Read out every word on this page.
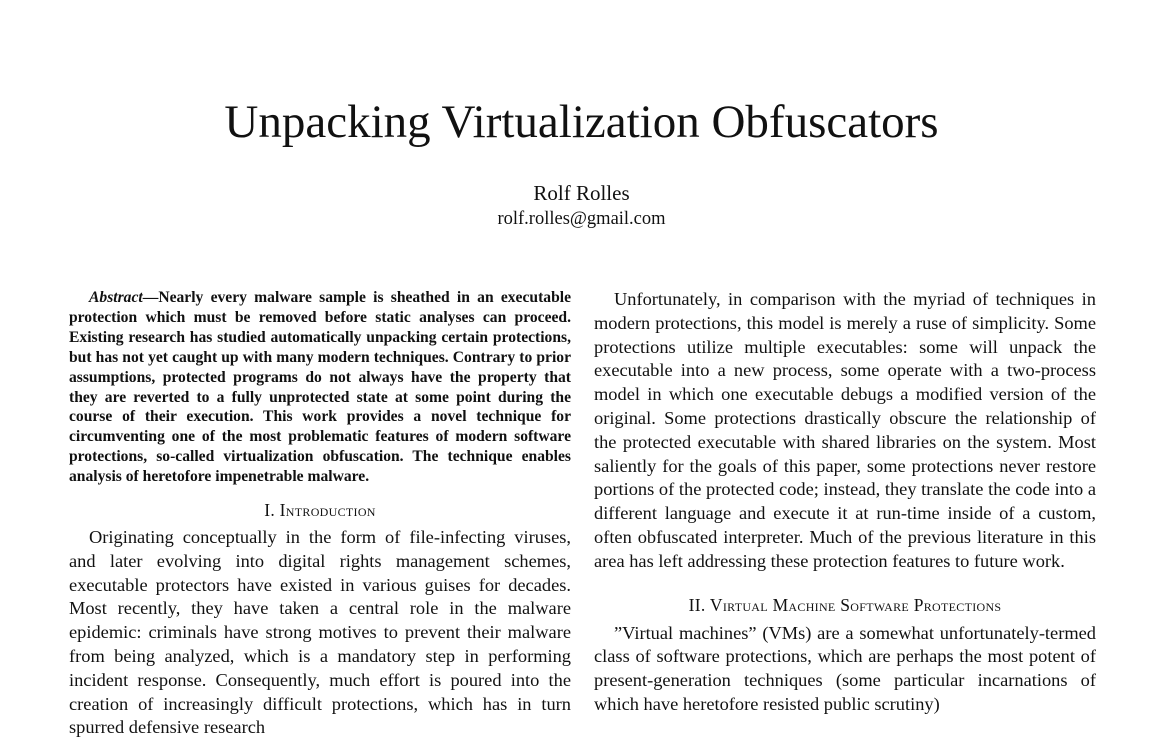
Unpacking Virtualization Obfuscators
Rolf Rolles
rolf.rolles@gmail.com

Abstract—Nearly every malware sample is sheathed in an executable protection which must be removed before static analyses can proceed. Existing research has studied automatically unpacking certain protections, but has not yet caught up with many modern techniques. Contrary to prior assumptions, protected programs do not always have the property that they are reverted to a fully unprotected state at some point during the course of their execution. This work provides a novel technique for circumventing one of the most problematic features of modern software protections, so-called virtualization obfuscation. The technique enables analysis of heretofore impenetrable malware.

I. Introduction

Originating conceptually in the form of file-infecting viruses, and later evolving into digital rights management schemes, executable protectors have existed in various guises for decades. Most recently, they have taken a central role in the malware epidemic: criminals have strong motives to prevent their malware from being analyzed, which is a mandatory step in performing incident response. Consequently, much effort is poured into the creation of increasingly difficult protections, which has in turn spurred defensive research

Unfortunately, in comparison with the myriad of techniques in modern protections, this model is merely a ruse of simplicity. Some protections utilize multiple executables: some will unpack the executable into a new process, some operate with a two-process model in which one executable debugs a modified version of the original. Some protections drastically obscure the relationship of the protected executable with shared libraries on the system. Most saliently for the goals of this paper, some protections never restore portions of the protected code; instead, they translate the code into a different language and execute it at run-time inside of a custom, often obfuscated interpreter. Much of the previous literature in this area has left addressing these protection features to future work.

II. Virtual Machine Software Protections

”Virtual machines” (VMs) are a somewhat unfortunately-termed class of software protections, which are perhaps the most potent of present-generation techniques (some particular incarnations of which have heretofore resisted public scrutiny)
